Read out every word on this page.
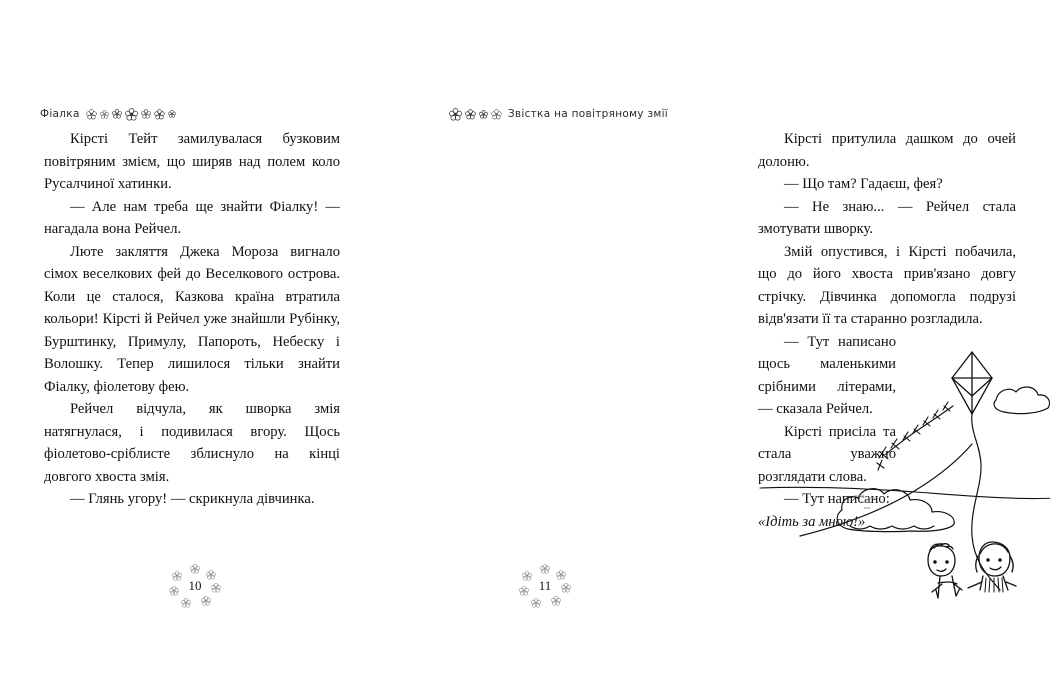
Фіалка

Кірсті Тейт замилувалася бузковим повітряним змієм, що ширяв над полем коло Русалчиної хатинки.

— Але нам треба ще знайти Фіалку! — нагадала вона Рейчел.

Люте закляття Джека Мороза вигнало сімох веселкових фей до Веселкового острова. Коли це сталося, Казкова країна втратила кольори! Кірсті й Рейчел уже знайшли Рубінку, Бурштинку, Примулу, Папороть, Небеску і Волошку. Тепер лишилося тільки знайти Фіалку, фіолетову фею.

Рейчел відчула, як шворка змія натягнулася, і подивилася вгору. Щось фіолетово-сріблисте зблиснуло на кінці довгого хвоста змія.

— Глянь угору! — скрикнула дівчинка.

10
Звістка на повітряному змії

Кірсті притулила дашком до очей долоню.

— Що там? Гадаєш, фея?

— Не знаю... — Рейчел стала змотувати шворку.

Змій опустився, і Кірсті побачила, що до його хвоста прив'язано довгу стрічку. Дівчинка допомогла подрузі відв'язати її та старанно розгладила.

— Тут написано щось маленькими срібними літерами, — сказала Рейчел.

Кірсті присіла та стала уважно розглядати слова.

— Тут написано: «Ідіть за мною!»

11
